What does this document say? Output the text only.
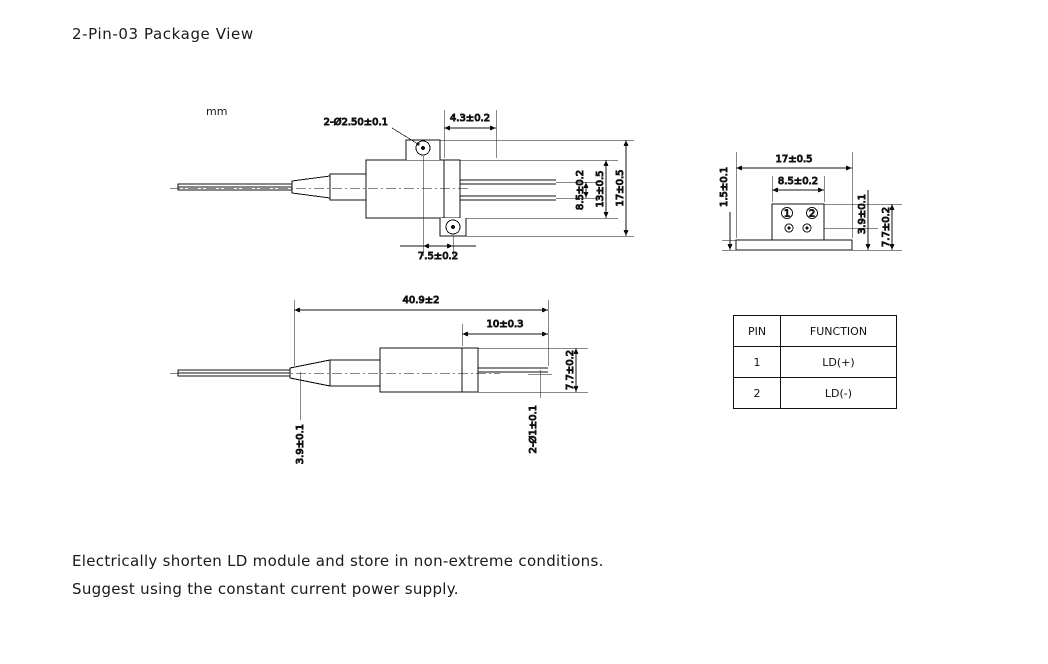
2-Pin-03 Package View
mm
8.5±0.2 13±0.5 17±0.5
2-Ø2.50±0.1	4.3±0.2
7.5±0.2
40.9±2
10±0.3
7.7±0.2
2-Ø1±0.1
3.9±0.1
1 2
17±0.5
8.5±0.2
1.5±0.1
3.9±0.1 7.7±0.2
PIN	FUNCTION
1	LD(+)
2	LD(-)
Electrically shorten LD module and store in non-extreme conditions.
Suggest using the constant current power supply.
